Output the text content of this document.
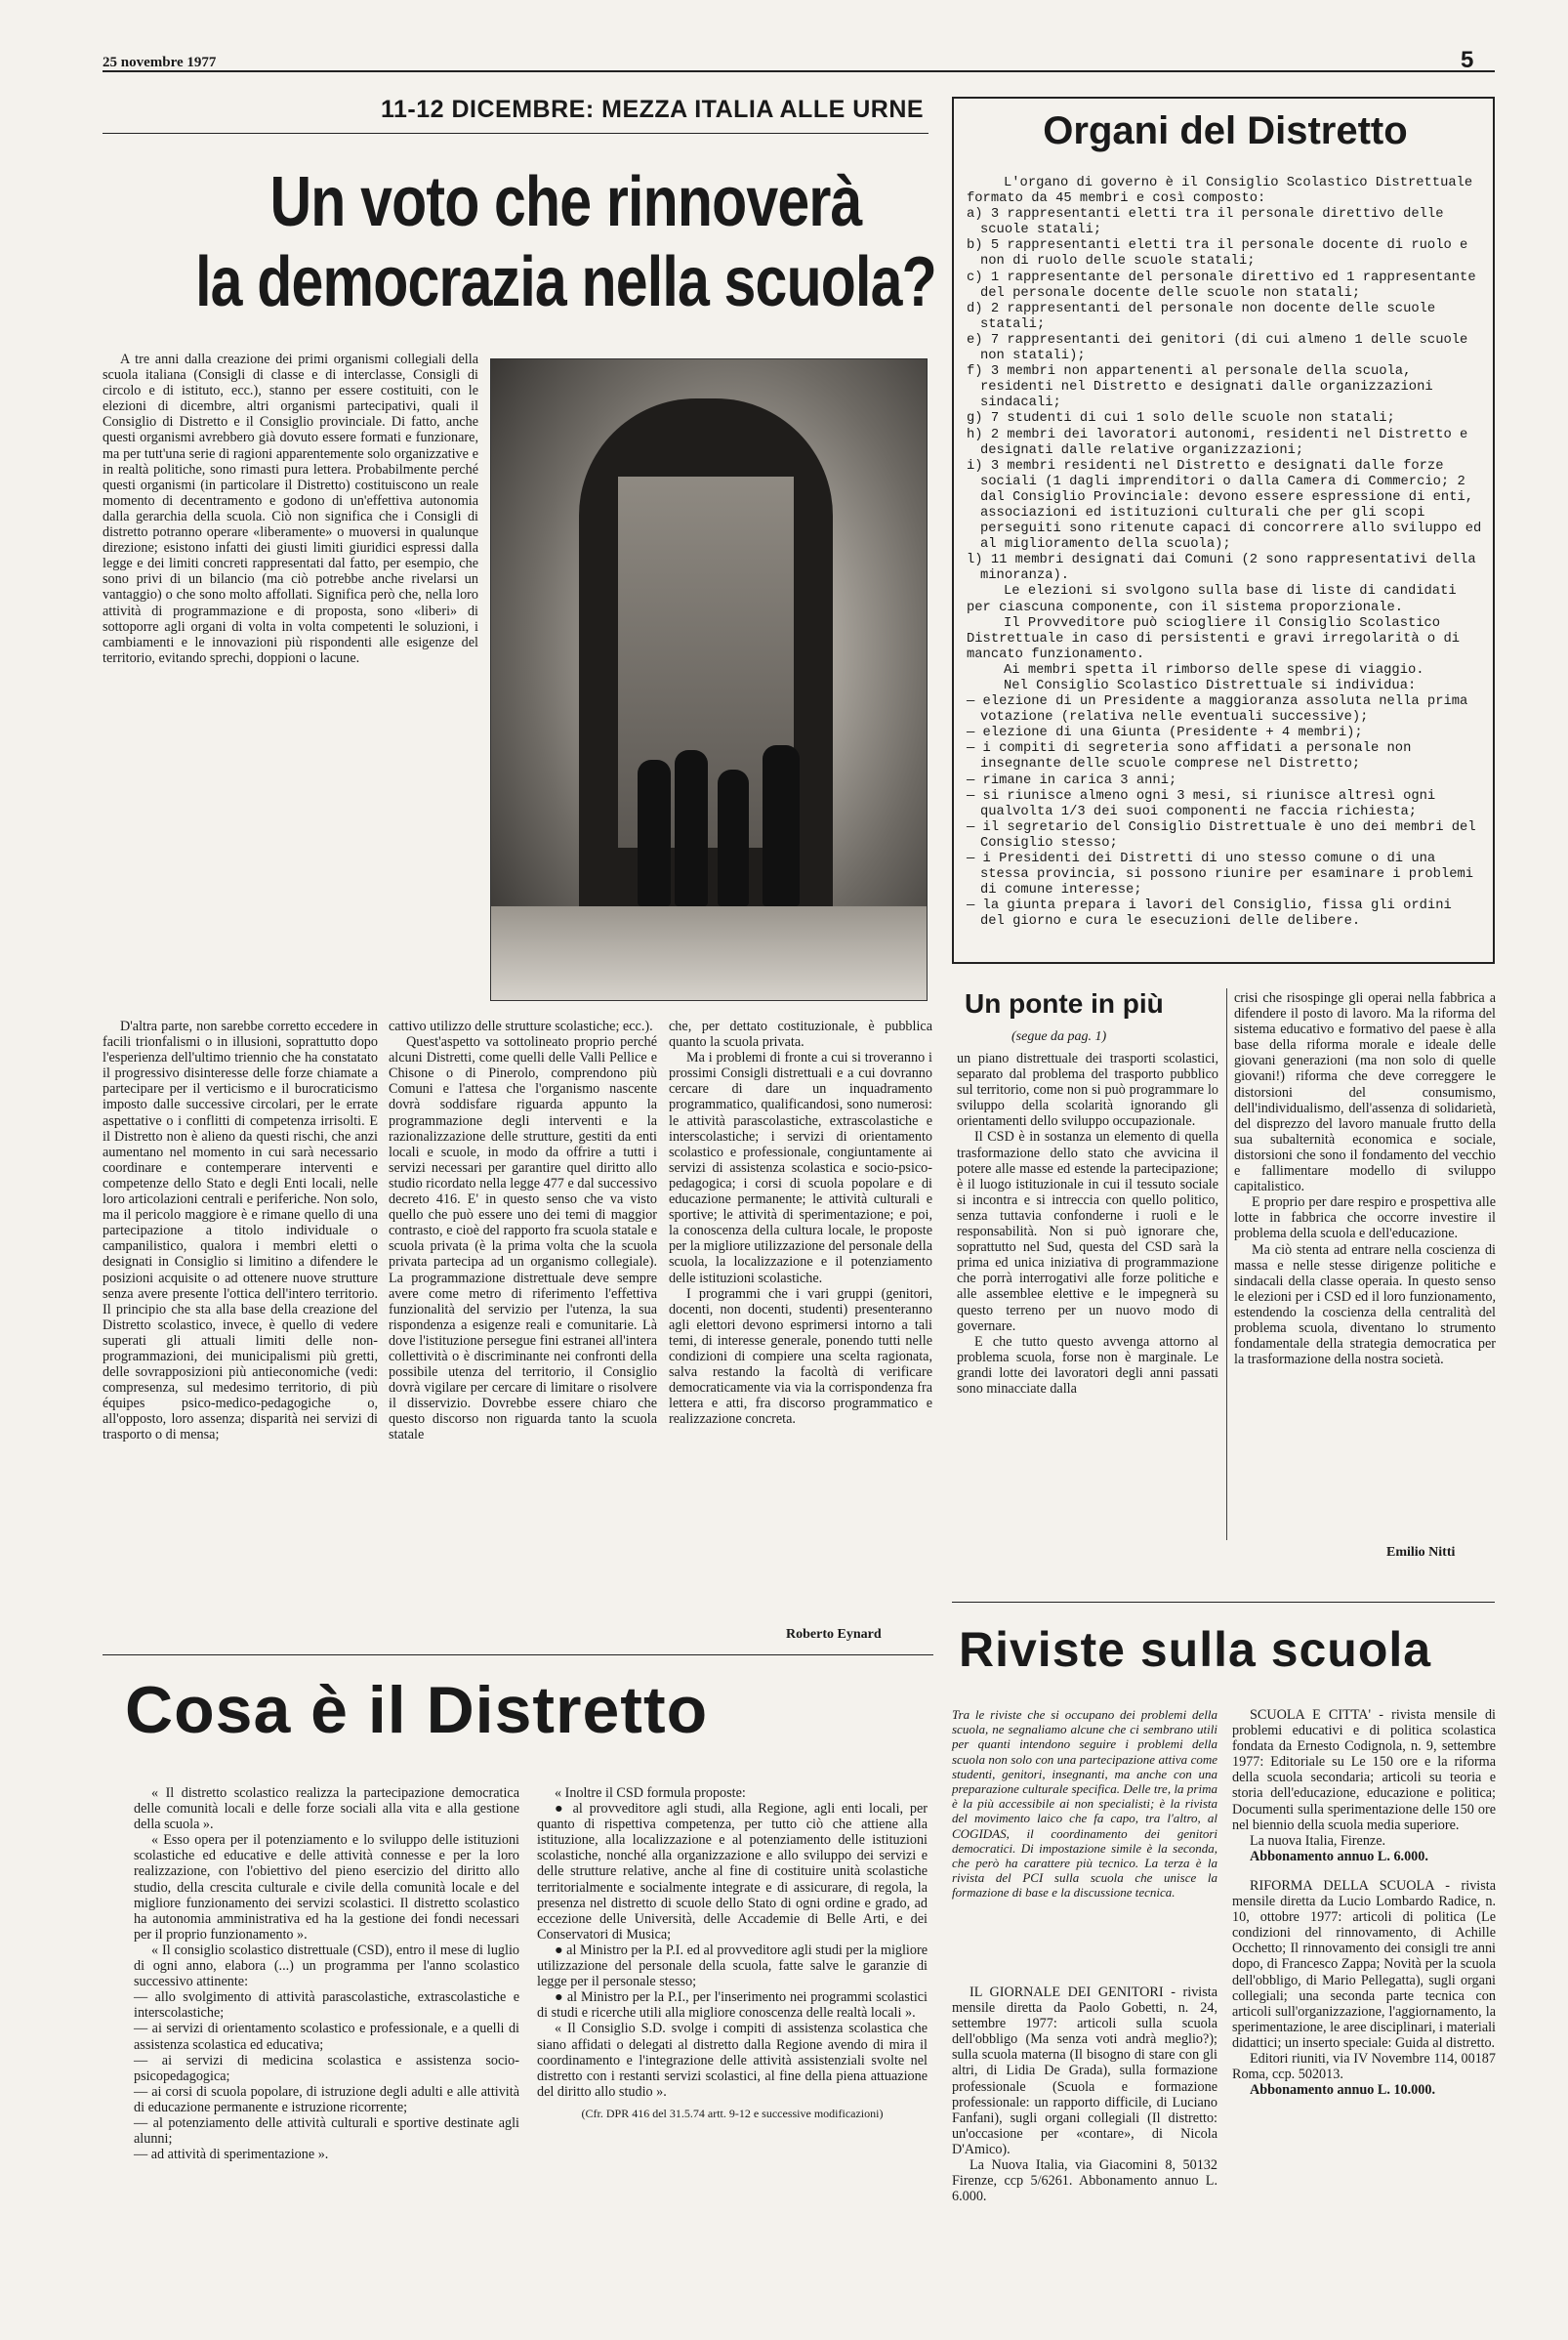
25 novembre 1977	5
11-12 DICEMBRE: MEZZA ITALIA ALLE URNE
Un voto che rinnoverà
la democrazia nella scuola?

A tre anni dalla creazione dei primi organismi collegiali della scuola italiana (Consigli di classe e di interclasse, Consigli di circolo e di istituto, ecc.), stanno per essere costituiti, con le elezioni di dicembre, altri organismi partecipativi, quali il Consiglio di Distretto e il Consiglio provinciale. Di fatto, anche questi organismi avrebbero già dovuto essere formati e funzionare, ma per tutt'una serie di ragioni apparentemente solo organizzative e in realtà politiche, sono rimasti pura lettera. Probabilmente perché questi organismi (in particolare il Distretto) costituiscono un reale momento di decentramento e godono di un'effettiva autonomia dalla gerarchia della scuola. Ciò non significa che i Consigli di distretto potranno operare «liberamente» o muoversi in qualunque direzione; esistono infatti dei giusti limiti giuridici espressi dalla legge e dei limiti concreti rappresentati dal fatto, per esempio, che sono privi di un bilancio (ma ciò potrebbe anche rivelarsi un vantaggio) o che sono molto affollati. Significa però che, nella loro attività di programmazione e di proposta, sono «liberi» di sottoporre agli organi di volta in volta competenti le soluzioni, i cambiamenti e le innovazioni più rispondenti alle esigenze del territorio, evitando sprechi, doppioni o lacune.

D'altra parte, non sarebbe corretto eccedere in facili trionfalismi o in illusioni, soprattutto dopo l'esperienza dell'ultimo triennio che ha constatato il progressivo disinteresse delle forze chiamate a partecipare per il verticismo e il burocraticismo imposto dalle successive circolari, per le errate aspettative o i conflitti di competenza irrisolti. E il Distretto non è alieno da questi rischi, che anzi aumentano nel momento in cui sarà necessario coordinare e contemperare interventi e competenze dello Stato e degli Enti locali, nelle loro articolazioni centrali e periferiche. Non solo, ma il pericolo maggiore è e rimane quello di una partecipazione a titolo individuale o campanilistico, qualora i membri eletti o designati in Consiglio si limitino a difendere le posizioni acquisite o ad ottenere nuove strutture senza avere presente l'ottica dell'intero territorio. Il principio che sta alla base della creazione del Distretto scolastico, invece, è quello di vedere superati gli attuali limiti delle non-programmazioni, dei municipalismi più gretti, delle sovrapposizioni più antieconomiche (vedi: compresenza, sul medesimo territorio, di più équipes psico-medico-pedagogiche o, all'opposto, loro assenza; disparità nei servizi di trasporto o di mensa;

cattivo utilizzo delle strutture scolastiche; ecc.).

Quest'aspetto va sottolineato proprio perché alcuni Distretti, come quelli delle Valli Pellice e Chisone o di Pinerolo, comprendono più Comuni e l'attesa che l'organismo nascente dovrà soddisfare riguarda appunto la programmazione degli interventi e la razionalizzazione delle strutture, gestiti da enti locali e scuole, in modo da offrire a tutti i servizi necessari per garantire quel diritto allo studio ricordato nella legge 477 e dal successivo decreto 416. E' in questo senso che va visto quello che può essere uno dei temi di maggior contrasto, e cioè del rapporto fra scuola statale e scuola privata (è la prima volta che la scuola privata partecipa ad un organismo collegiale). La programmazione distrettuale deve sempre avere come metro di riferimento l'effettiva funzionalità del servizio per l'utenza, la sua rispondenza a esigenze reali e comunitarie. Là dove l'istituzione persegue fini estranei all'intera collettività o è discriminante nei confronti della possibile utenza del territorio, il Consiglio dovrà vigilare per cercare di limitare o risolvere il disservizio. Dovrebbe essere chiaro che questo discorso non riguarda tanto la scuola statale

che, per dettato costituzionale, è pubblica quanto la scuola privata.

Ma i problemi di fronte a cui si troveranno i prossimi Consigli distrettuali e a cui dovranno cercare di dare un inquadramento programmatico, qualificandosi, sono numerosi: le attività parascolastiche, extrascolastiche e interscolastiche; i servizi di orientamento scolastico e professionale, congiuntamente ai servizi di assistenza scolastica e socio-psico-pedagogica; i corsi di scuola popolare e di educazione permanente; le attività culturali e sportive; le attività di sperimentazione; e poi, la conoscenza della cultura locale, le proposte per la migliore utilizzazione del personale della scuola, la localizzazione e il potenziamento delle istituzioni scolastiche.

I programmi che i vari gruppi (genitori, docenti, non docenti, studenti) presenteranno agli elettori devono esprimersi intorno a tali temi, di interesse generale, ponendo tutti nelle condizioni di compiere una scelta ragionata, salva restando la facoltà di verificare democraticamente via via la corrispondenza fra lettera e atti, fra discorso programmatico e realizzazione concreta.

Roberto Eynard
Organi del Distretto
L'organo di governo è il Consiglio Scolastico Distrettuale formato da 45 membri e così composto:
a) 3 rappresentanti eletti tra il personale direttivo delle scuole statali;
b) 5 rappresentanti eletti tra il personale docente di ruolo e non di ruolo delle scuole statali;
c) 1 rappresentante del personale direttivo ed 1 rappresentante del personale docente delle scuole non statali;
d) 2 rappresentanti del personale non docente delle scuole statali;
e) 7 rappresentanti dei genitori (di cui almeno 1 delle scuole non statali);
f) 3 membri non appartenenti al personale della scuola, residenti nel Distretto e designati dalle organizzazioni sindacali;
g) 7 studenti di cui 1 solo delle scuole non statali;
h) 2 membri dei lavoratori autonomi, residenti nel Distretto e designati dalle relative organizzazioni;
i) 3 membri residenti nel Distretto e designati dalle forze sociali (1 dagli imprenditori o dalla Camera di Commercio; 2 dal Consiglio Provinciale: devono essere espressione di enti, associazioni ed istituzioni culturali che per gli scopi perseguiti sono ritenute capaci di concorrere allo sviluppo ed al miglioramento della scuola);
l) 11 membri designati dai Comuni (2 sono rappresentativi della minoranza).
Le elezioni si svolgono sulla base di liste di candidati per ciascuna componente, con il sistema proporzionale.
Il Provveditore può sciogliere il Consiglio Scolastico Distrettuale in caso di persistenti e gravi irregolarità o di mancato funzionamento.
Ai membri spetta il rimborso delle spese di viaggio.
Nel Consiglio Scolastico Distrettuale si individua:
— elezione di un Presidente a maggioranza assoluta nella prima votazione (relativa nelle eventuali successive);
— elezione di una Giunta (Presidente + 4 membri);
— i compiti di segreteria sono affidati a personale non insegnante delle scuole comprese nel Distretto;
— rimane in carica 3 anni;
— si riunisce almeno ogni 3 mesi, si riunisce altresì ogni qualvolta 1/3 dei suoi componenti ne faccia richiesta;
— il segretario del Consiglio Distrettuale è uno dei membri del Consiglio stesso;
— i Presidenti dei Distretti di uno stesso comune o di una stessa provincia, si possono riunire per esaminare i problemi di comune interesse;
— la giunta prepara i lavori del Consiglio, fissa gli ordini del giorno e cura le esecuzioni delle delibere.
Un ponte in più
(segue da pag. 1)

un piano distrettuale dei trasporti scolastici, separato dal problema del trasporto pubblico sul territorio, come non si può programmare lo sviluppo della scolarità ignorando gli orientamenti dello sviluppo occupazionale.

Il CSD è in sostanza un elemento di quella trasformazione dello stato che avvicina il potere alle masse ed estende la partecipazione; è il luogo istituzionale in cui il tessuto sociale si incontra e si intreccia con quello politico, senza tuttavia confonderne i ruoli e le responsabilità. Non si può ignorare che, soprattutto nel Sud, questa del CSD sarà la prima ed unica iniziativa di programmazione che porrà interrogativi alle forze politiche e alle assemblee elettive e le impegnerà su questo terreno per un nuovo modo di governare.

E che tutto questo avvenga attorno al problema scuola, forse non è marginale. Le grandi lotte dei lavoratori degli anni passati sono minacciate dalla

crisi che risospinge gli operai nella fabbrica a difendere il posto di lavoro. Ma la riforma del sistema educativo e formativo del paese è alla base della riforma morale e ideale delle giovani generazioni (ma non solo di quelle giovani!) riforma che deve correggere le distorsioni del consumismo, dell'individualismo, dell'assenza di solidarietà, del disprezzo del lavoro manuale frutto della sua subalternità economica e sociale, distorsioni che sono il fondamento del vecchio e fallimentare modello di sviluppo capitalistico.

E proprio per dare respiro e prospettiva alle lotte in fabbrica che occorre investire il problema della scuola e dell'educazione.

Ma ciò stenta ad entrare nella coscienza di massa e nelle stesse dirigenze politiche e sindacali della classe operaia. In questo senso le elezioni per i CSD ed il loro funzionamento, estendendo la coscienza della centralità del problema scuola, diventano lo strumento fondamentale della strategia democratica per la trasformazione della nostra società.

Emilio Nitti
Riviste sulla scuola
Tra le riviste che si occupano dei problemi della scuola, ne segnaliamo alcune che ci sembrano utili per quanti intendono seguire i problemi della scuola non solo con una partecipazione attiva come studenti, genitori, insegnanti, ma anche con una preparazione culturale specifica. Delle tre, la prima è la più accessibile ai non specialisti; è la rivista del movimento laico che fa capo, tra l'altro, al COGIDAS, il coordinamento dei genitori democratici. Di impostazione simile è la seconda, che però ha carattere più tecnico. La terza è la rivista del PCI sulla scuola che unisce la formazione di base e la discussione tecnica.

IL GIORNALE DEI GENITORI - rivista mensile diretta da Paolo Gobetti, n. 24, settembre 1977: articoli sulla scuola dell'obbligo (Ma senza voti andrà meglio?); sulla scuola materna (Il bisogno di stare con gli altri, di Lidia De Grada), sulla formazione professionale (Scuola e formazione professionale: un rapporto difficile, di Luciano Fanfani), sugli organi collegiali (Il distretto: un'occasione per «contare», di Nicola D'Amico).

La Nuova Italia, via Giacomini 8, 50132 Firenze, ccp 5/6261. Abbonamento annuo L. 6.000.

SCUOLA E CITTA' - rivista mensile di problemi educativi e di politica scolastica fondata da Ernesto Codignola, n. 9, settembre 1977: Editoriale su Le 150 ore e la riforma della scuola secondaria; articoli su teoria e storia dell'educazione, educazione e politica; Documenti sulla sperimentazione delle 150 ore nel biennio della scuola media superiore.

La nuova Italia, Firenze.

Abbonamento annuo L. 6.000.

RIFORMA DELLA SCUOLA - rivista mensile diretta da Lucio Lombardo Radice, n. 10, ottobre 1977: articoli di politica (Le condizioni del rinnovamento, di Achille Occhetto; Il rinnovamento dei consigli tre anni dopo, di Francesco Zappa; Novità per la scuola dell'obbligo, di Mario Pellegatta), sugli organi collegiali; una seconda parte tecnica con articoli sull'organizzazione, l'aggiornamento, la sperimentazione, le aree disciplinari, i materiali didattici; un inserto speciale: Guida al distretto.

Editori riuniti, via IV Novembre 114, 00187 Roma, ccp. 502013.

Abbonamento annuo L. 10.000.

Cosa è il Distretto

« Il distretto scolastico realizza la partecipazione democratica delle comunità locali e delle forze sociali alla vita e alla gestione della scuola ».

« Esso opera per il potenziamento e lo sviluppo delle istituzioni scolastiche ed educative e delle attività connesse e per la loro realizzazione, con l'obiettivo del pieno esercizio del diritto allo studio, della crescita culturale e civile della comunità locale e del migliore funzionamento dei servizi scolastici. Il distretto scolastico ha autonomia amministrativa ed ha la gestione dei fondi necessari per il proprio funzionamento ».

« Il consiglio scolastico distrettuale (CSD), entro il mese di luglio di ogni anno, elabora (...) un programma per l'anno scolastico successivo attinente:

— allo svolgimento di attività parascolastiche, extrascolastiche e interscolastiche;

— ai servizi di orientamento scolastico e professionale, e a quelli di assistenza scolastica ed educativa;

— ai servizi di medicina scolastica e assistenza socio-psicopedagogica;

— ai corsi di scuola popolare, di istruzione degli adulti e alle attività di educazione permanente e istruzione ricorrente;

— al potenziamento delle attività culturali e sportive destinate agli alunni;

— ad attività di sperimentazione ».

« Inoltre il CSD formula proposte:

● al provveditore agli studi, alla Regione, agli enti locali, per quanto di rispettiva competenza, per tutto ciò che attiene alla istituzione, alla localizzazione e al potenziamento delle istituzioni scolastiche, nonché alla organizzazione e allo sviluppo dei servizi e delle strutture relative, anche al fine di costituire unità scolastiche territorialmente e socialmente integrate e di assicurare, di regola, la presenza nel distretto di scuole dello Stato di ogni ordine e grado, ad eccezione delle Università, delle Accademie di Belle Arti, e dei Conservatori di Musica;

● al Ministro per la P.I. ed al provveditore agli studi per la migliore utilizzazione del personale della scuola, fatte salve le garanzie di legge per il personale stesso;

● al Ministro per la P.I., per l'inserimento nei programmi scolastici di studi e ricerche utili alla migliore conoscenza delle realtà locali ».

« Il Consiglio S.D. svolge i compiti di assistenza scolastica che siano affidati o delegati al distretto dalla Regione avendo di mira il coordinamento e l'integrazione delle attività assistenziali svolte nel distretto con i restanti servizi scolastici, al fine della piena attuazione del diritto allo studio ».

(Cfr. DPR 416 del 31.5.74 artt. 9-12 e successive modificazioni)
